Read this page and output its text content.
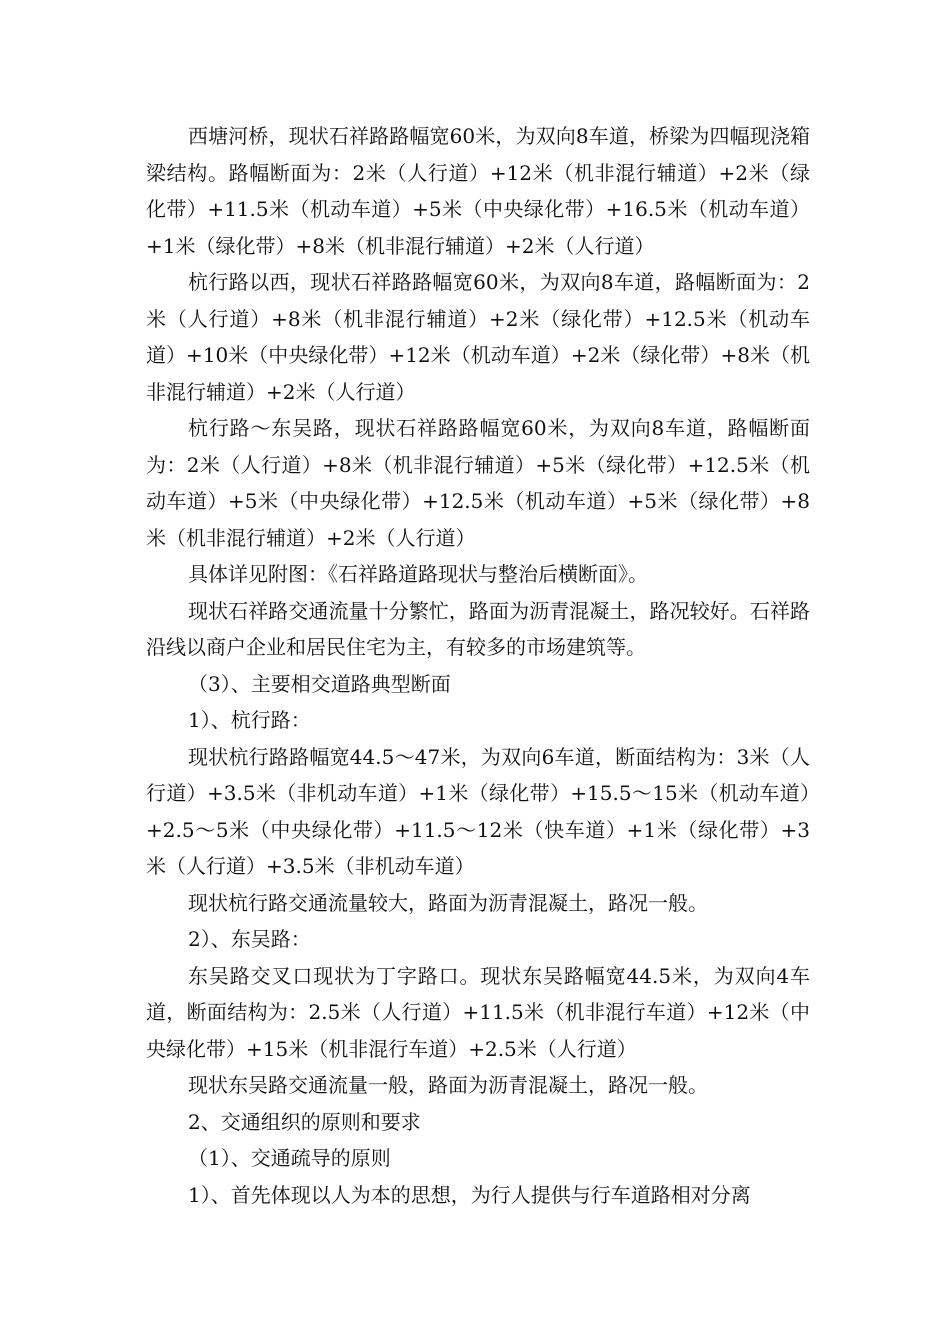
西塘河桥，现状石祥路路幅宽60米，为双向8车道，桥梁为四幅现浇箱梁结构。路幅断面为：2米（人行道）+12米（机非混行辅道）+2米（绿化带）+11.5米（机动车道）+5米（中央绿化带）+16.5米（机动车道）+1米（绿化带）+8米（机非混行辅道）+2米（人行道）

杭行路以西，现状石祥路路幅宽60米，为双向8车道，路幅断面为：2米（人行道）+8米（机非混行辅道）+2米（绿化带）+12.5米（机动车道）+10米（中央绿化带）+12米（机动车道）+2米（绿化带）+8米（机非混行辅道）+2米（人行道）

杭行路～东吴路，现状石祥路路幅宽60米，为双向8车道，路幅断面为：2米（人行道）+8米（机非混行辅道）+5米（绿化带）+12.5米（机动车道）+5米（中央绿化带）+12.5米（机动车道）+5米（绿化带）+8米（机非混行辅道）+2米（人行道）

具体详见附图：《石祥路道路现状与整治后横断面》。

现状石祥路交通流量十分繁忙，路面为沥青混凝土，路况较好。石祥路沿线以商户企业和居民住宅为主，有较多的市场建筑等。

（3）、主要相交道路典型断面

1）、杭行路：

现状杭行路路幅宽44.5～47米，为双向6车道，断面结构为：3米（人行道）+3.5米（非机动车道）+1米（绿化带）+15.5～15米（机动车道）+2.5～5米（中央绿化带）+11.5～12米（快车道）+1米（绿化带）+3米（人行道）+3.5米（非机动车道）

现状杭行路交通流量较大，路面为沥青混凝土，路况一般。

2）、东吴路：

东吴路交叉口现状为丁字路口。现状东吴路幅宽44.5米，为双向4车道，断面结构为：2.5米（人行道）+11.5米（机非混行车道）+12米（中央绿化带）+15米（机非混行车道）+2.5米（人行道）

现状东吴路交通流量一般，路面为沥青混凝土，路况一般。

2、交通组织的原则和要求

（1）、交通疏导的原则

1）、首先体现以人为本的思想，为行人提供与行车道路相对分离
